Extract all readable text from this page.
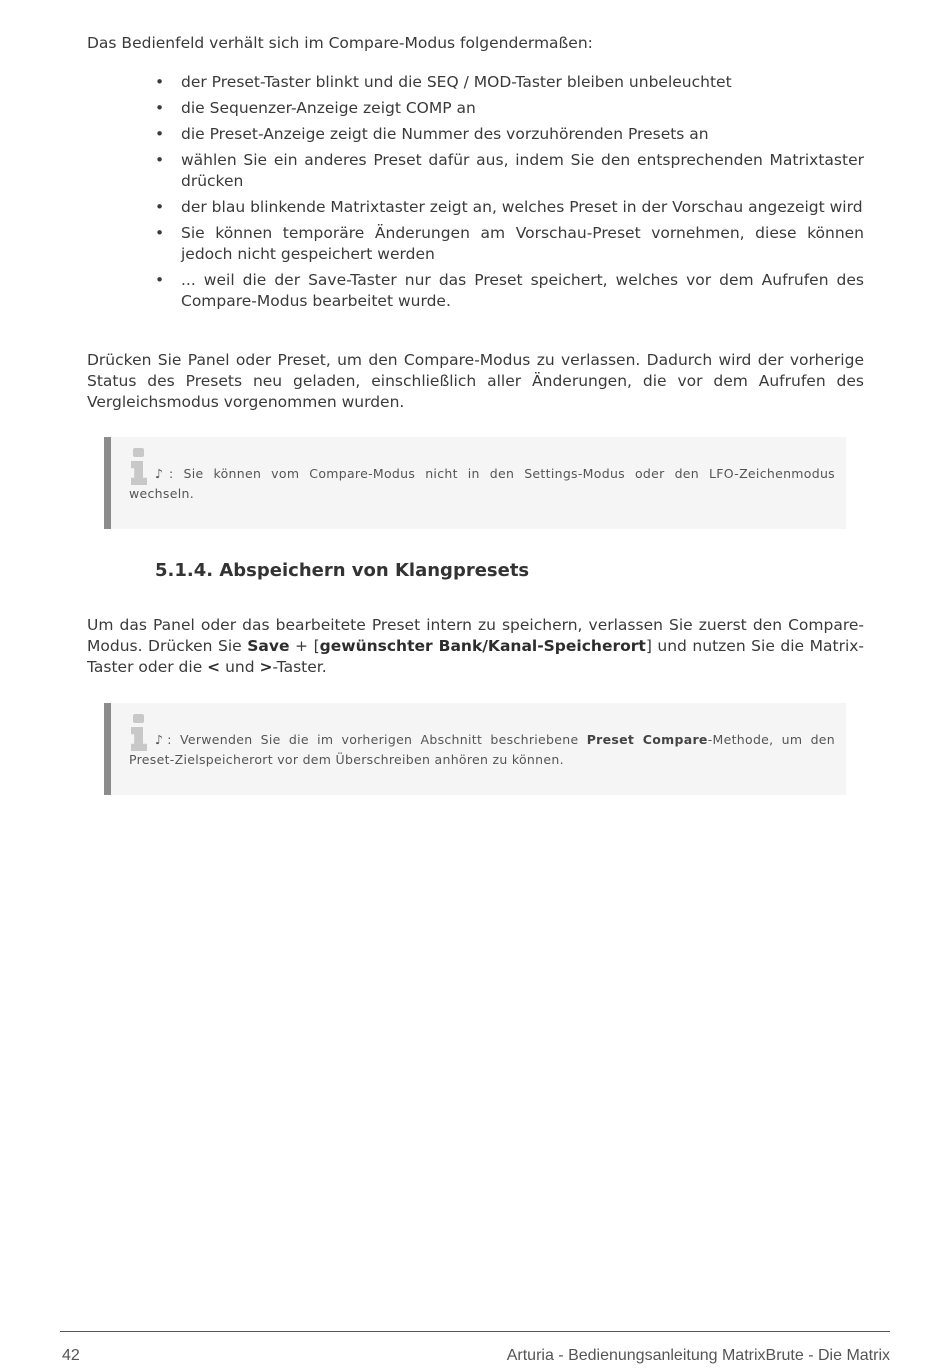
Das Bedienfeld verhält sich im Compare-Modus folgendermaßen:

• der Preset-Taster blinkt und die SEQ / MOD-Taster bleiben unbeleuchtet
• die Sequenzer-Anzeige zeigt COMP an
• die Preset-Anzeige zeigt die Nummer des vorzuhörenden Presets an
• wählen Sie ein anderes Preset dafür aus, indem Sie den entsprechenden Matrixtaster drücken
• der blau blinkende Matrixtaster zeigt an, welches Preset in der Vorschau angezeigt wird
• Sie können temporäre Änderungen am Vorschau-Preset vornehmen, diese können jedoch nicht gespeichert werden
• ... weil die der Save-Taster nur das Preset speichert, welches vor dem Aufrufen des Compare-Modus bearbeitet wurde.

Drücken Sie Panel oder Preset, um den Compare-Modus zu verlassen. Dadurch wird der vorherige Status des Presets neu geladen, einschließlich aller Änderungen, die vor dem Aufrufen des Vergleichsmodus vorgenommen wurden.

♪: Sie können vom Compare-Modus nicht in den Settings-Modus oder den LFO-Zeichenmodus wechseln.
5.1.4. Abspeichern von Klangpresets

Um das Panel oder das bearbeitete Preset intern zu speichern, verlassen Sie zuerst den Compare-Modus. Drücken Sie Save + [gewünschter Bank/Kanal-Speicherort] und nutzen Sie die Matrix-Taster oder die < und >-Taster.

♪: Verwenden Sie die im vorherigen Abschnitt beschriebene Preset Compare-Methode, um den Preset-Zielspeicherort vor dem Überschreiben anhören zu können.
42	Arturia - Bedienungsanleitung MatrixBrute - Die Matrix
